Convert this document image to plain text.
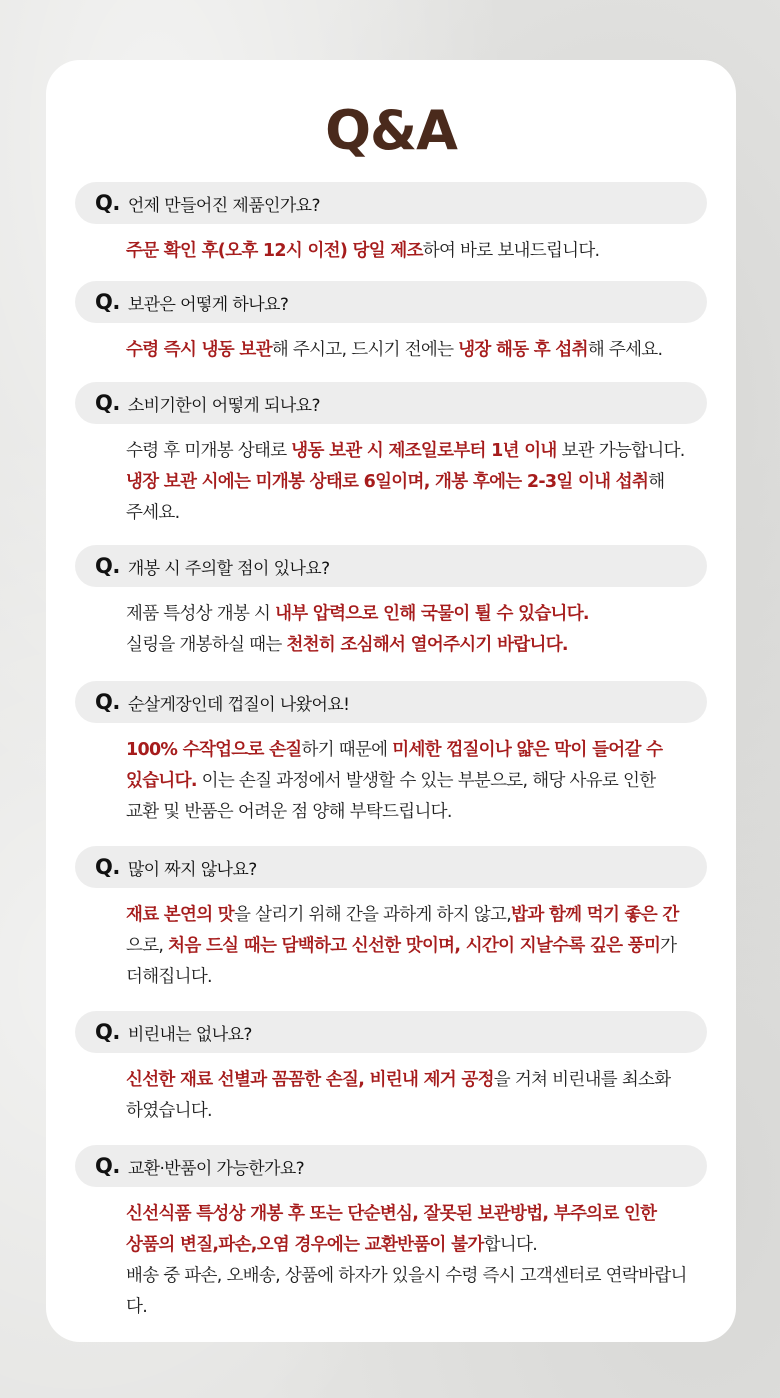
Q&A
Q. 언제 만들어진 제품인가요?
주문 확인 후(오후 12시 이전) 당일 제조하여 바로 보내드립니다.
Q. 보관은 어떻게 하나요?
수령 즉시 냉동 보관해 주시고, 드시기 전에는 냉장 해동 후 섭취해 주세요.
Q. 소비기한이 어떻게 되나요?
수령 후 미개봉 상태로 냉동 보관 시 제조일로부터 1년 이내 보관 가능합니다.
냉장 보관 시에는 미개봉 상태로 6일이며, 개봉 후에는 2-3일 이내 섭취해
주세요.
Q. 개봉 시 주의할 점이 있나요?
제품 특성상 개봉 시 내부 압력으로 인해 국물이 튈 수 있습니다.
실링을 개봉하실 때는 천천히 조심해서 열어주시기 바랍니다.
Q. 순살게장인데 껍질이 나왔어요!
100% 수작업으로 손질하기 때문에 미세한 껍질이나 얇은 막이 들어갈 수
있습니다. 이는 손질 과정에서 발생할 수 있는 부분으로, 해당 사유로 인한
교환 및 반품은 어려운 점 양해 부탁드립니다.
Q. 많이 짜지 않나요?
재료 본연의 맛을 살리기 위해 간을 과하게 하지 않고,밥과 함께 먹기 좋은 간
으로, 처음 드실 때는 담백하고 신선한 맛이며, 시간이 지날수록 깊은 풍미가
더해집니다.
Q. 비린내는 없나요?
신선한 재료 선별과 꼼꼼한 손질, 비린내 제거 공정을 거쳐 비린내를 최소화
하였습니다.
Q. 교환·반품이 가능한가요?
신선식품 특성상 개봉 후 또는 단순변심, 잘못된 보관방법, 부주의로 인한
상품의 변질,파손,오염 경우에는 교환반품이 불가합니다.
배송 중 파손, 오배송, 상품에 하자가 있을시 수령 즉시 고객센터로 연락바랍니다.
